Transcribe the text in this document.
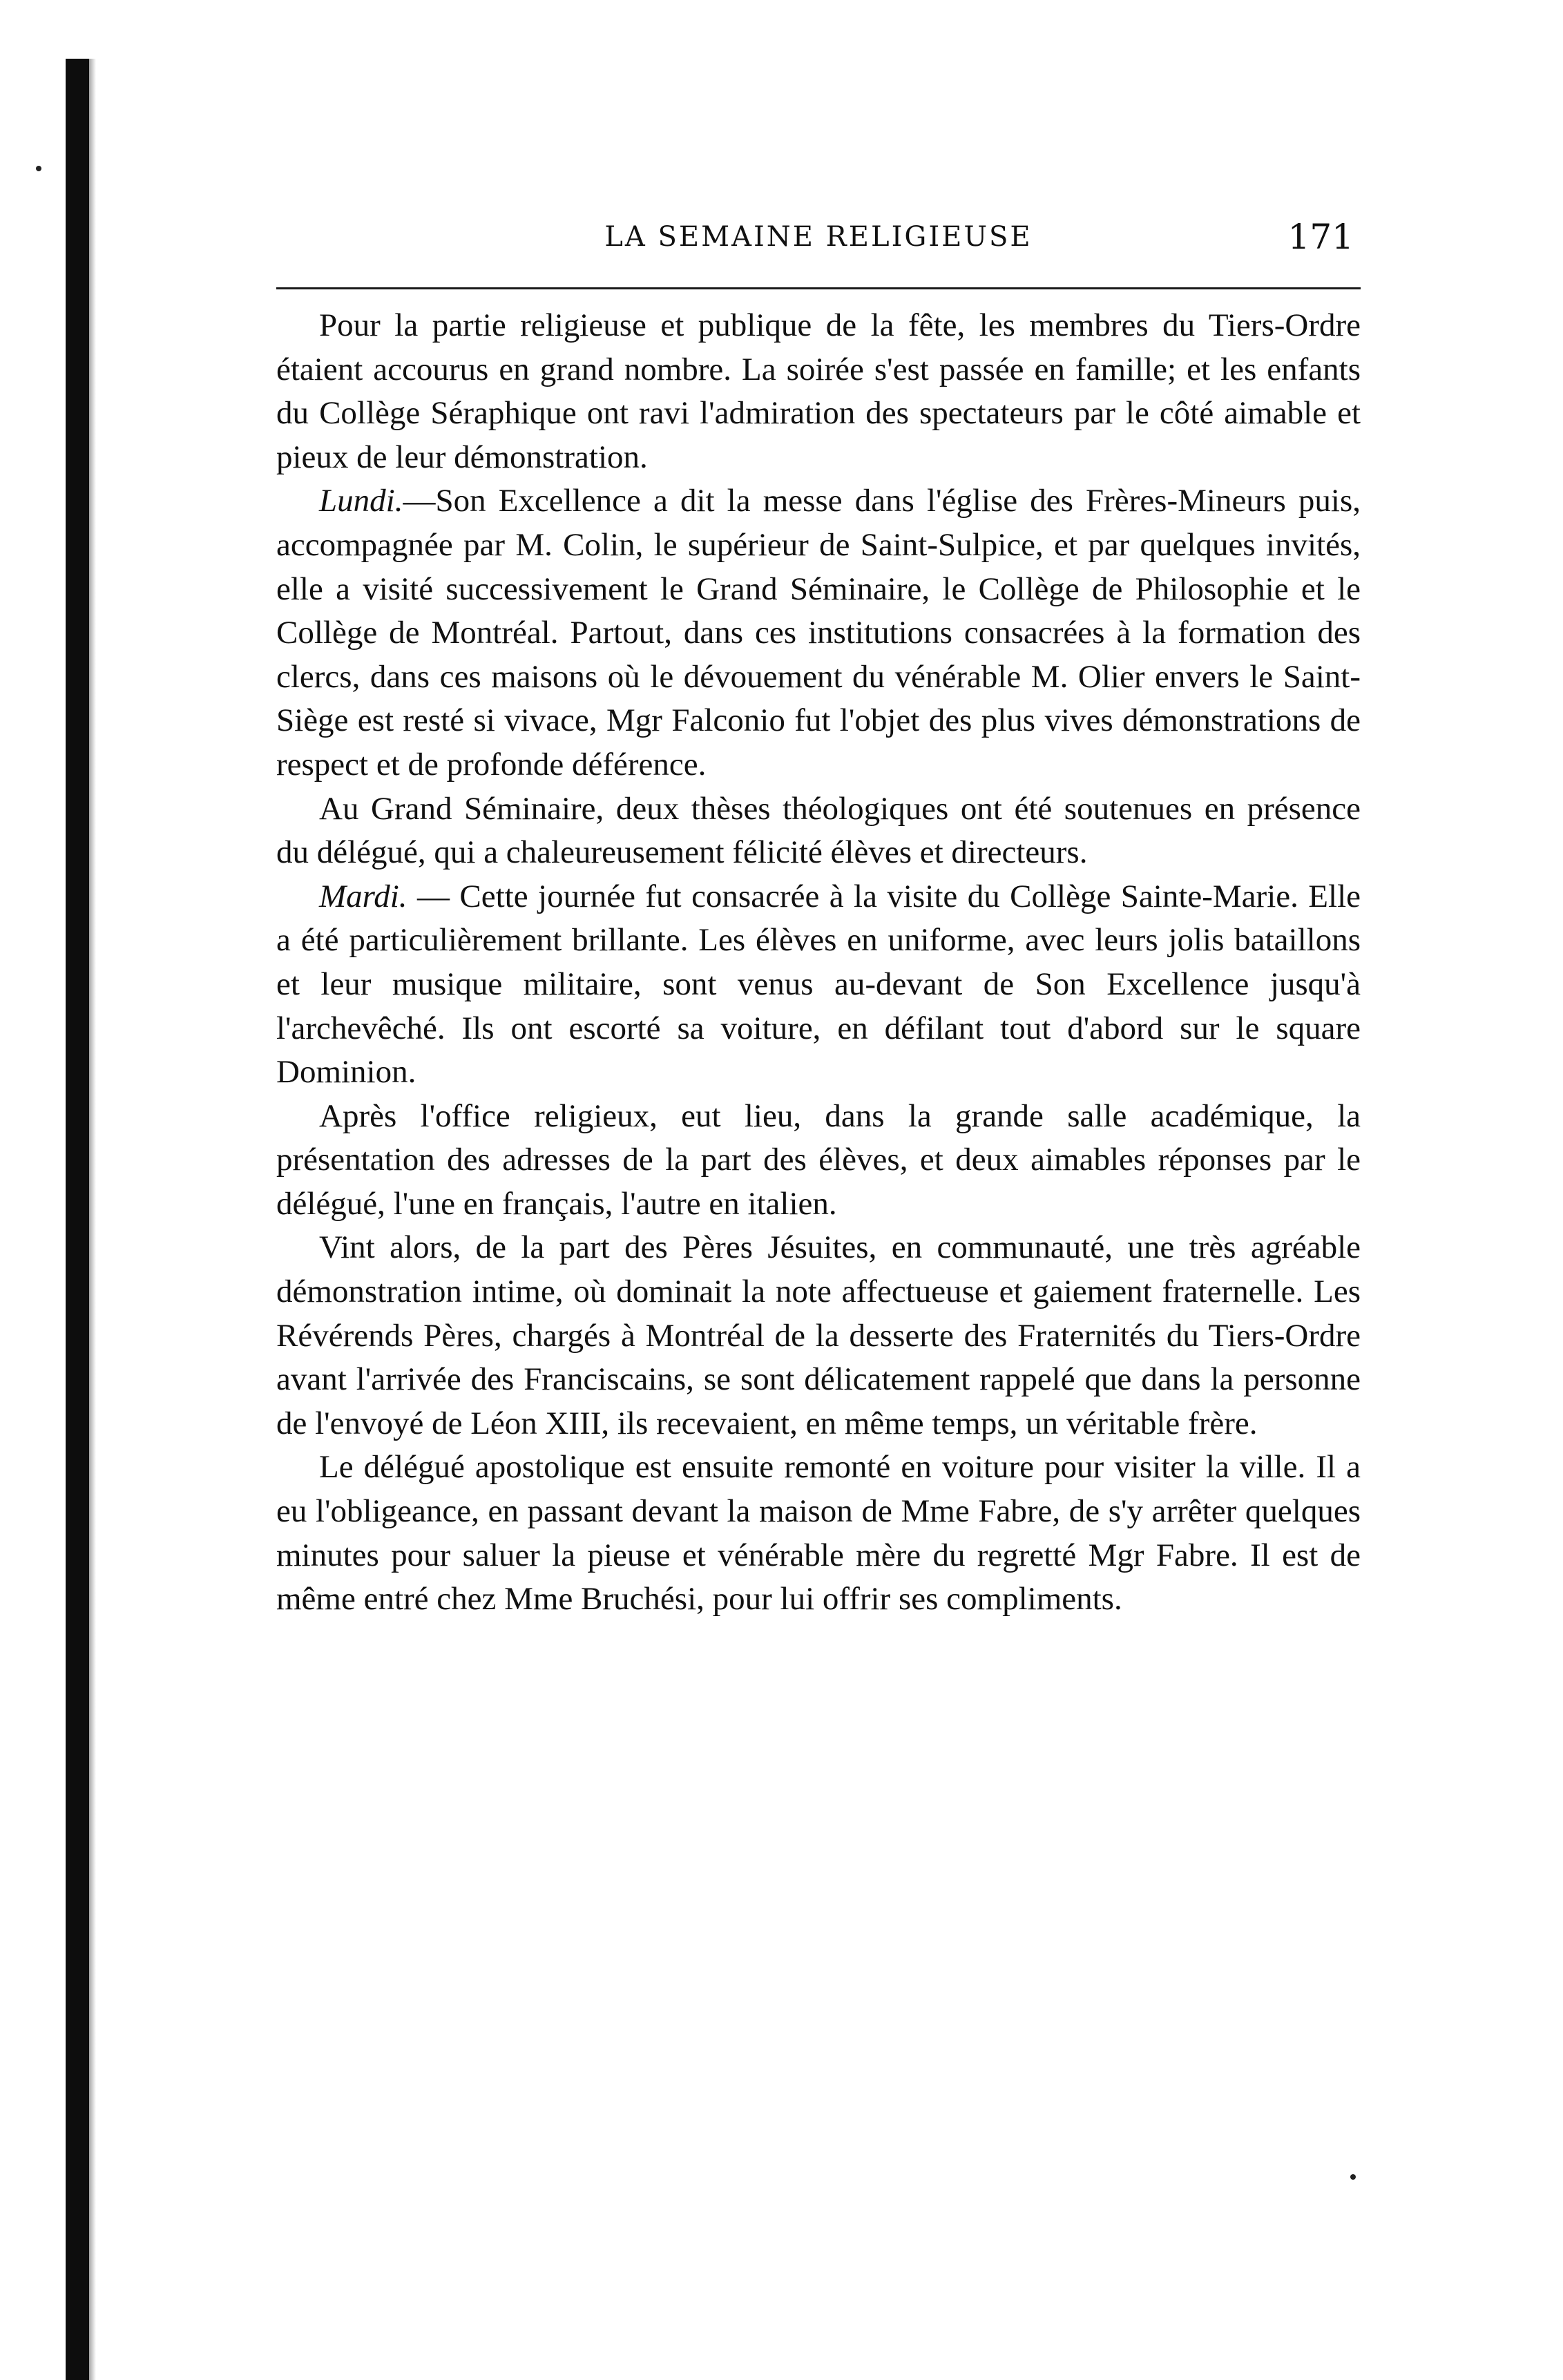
LA SEMAINE RELIGIEUSE	171

Pour la partie religieuse et publique de la fête, les membres du Tiers-Ordre étaient accourus en grand nombre. La soirée s'est passée en famille; et les enfants du Collège Séraphique ont ravi l'admiration des spectateurs par le côté aimable et pieux de leur démonstration.

Lundi.—Son Excellence a dit la messe dans l'église des Frères-Mineurs puis, accompagnée par M. Colin, le supérieur de Saint-Sulpice, et par quelques invités, elle a visité successivement le Grand Séminaire, le Collège de Philosophie et le Collège de Montréal. Partout, dans ces institutions consacrées à la formation des clercs, dans ces maisons où le dévouement du vénérable M. Olier envers le Saint-Siège est resté si vivace, Mgr Falconio fut l'objet des plus vives démonstrations de respect et de profonde déférence.

Au Grand Séminaire, deux thèses théologiques ont été soutenues en présence du délégué, qui a chaleureusement félicité élèves et directeurs.

Mardi. — Cette journée fut consacrée à la visite du Collège Sainte-Marie. Elle a été particulièrement brillante. Les élèves en uniforme, avec leurs jolis bataillons et leur musique militaire, sont venus au-devant de Son Excellence jusqu'à l'archevêché. Ils ont escorté sa voiture, en défilant tout d'abord sur le square Dominion.

Après l'office religieux, eut lieu, dans la grande salle académique, la présentation des adresses de la part des élèves, et deux aimables réponses par le délégué, l'une en français, l'autre en italien.

Vint alors, de la part des Pères Jésuites, en communauté, une très agréable démonstration intime, où dominait la note affectueuse et gaiement fraternelle. Les Révérends Pères, chargés à Montréal de la desserte des Fraternités du Tiers-Ordre avant l'arrivée des Franciscains, se sont délicatement rappelé que dans la personne de l'envoyé de Léon XIII, ils recevaient, en même temps, un véritable frère.

Le délégué apostolique est ensuite remonté en voiture pour visiter la ville. Il a eu l'obligeance, en passant devant la maison de Mme Fabre, de s'y arrêter quelques minutes pour saluer la pieuse et vénérable mère du regretté Mgr Fabre. Il est de même entré chez Mme Bruchési, pour lui offrir ses compliments.
